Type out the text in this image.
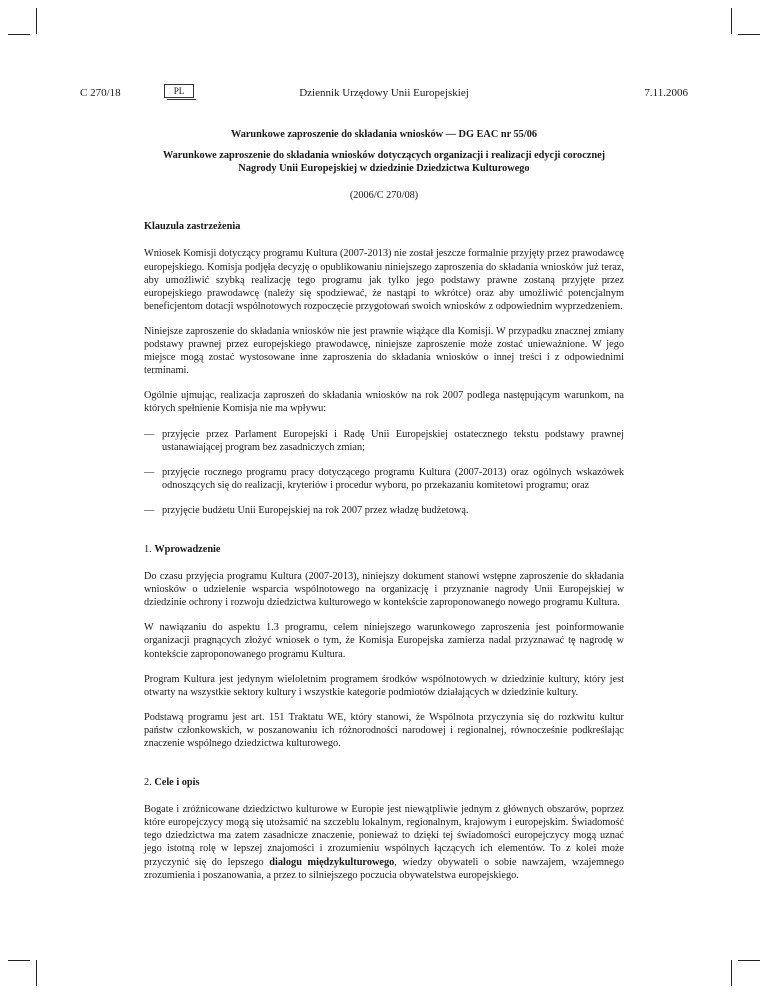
C 270/18	PL	Dziennik Urzędowy Unii Europejskiej	7.11.2006
Warunkowe zaproszenie do składania wniosków — DG EAC nr 55/06
Warunkowe zaproszenie do składania wniosków dotyczących organizacji i realizacji edycji corocznej Nagrody Unii Europejskiej w dziedzinie Dziedzictwa Kulturowego
(2006/C 270/08)
Klauzula zastrzeżenia

Wniosek Komisji dotyczący programu Kultura (2007-2013) nie został jeszcze formalnie przyjęty przez prawodawcę europejskiego. Komisja podjęła decyzję o opublikowaniu niniejszego zaproszenia do składania wniosków już teraz, aby umożliwić szybką realizację tego programu jak tylko jego podstawy prawne zostaną przyjęte przez europejskiego prawodawcę (należy się spodziewać, że nastąpi to wkrótce) oraz aby umożliwić potencjalnym beneficjentom dotacji wspólnotowych rozpoczęcie przygotowań swoich wniosków z odpowiednim wyprzedzeniem.

Niniejsze zaproszenie do składania wniosków nie jest prawnie wiążące dla Komisji. W przypadku znacznej zmiany podstawy prawnej przez europejskiego prawodawcę, niniejsze zaproszenie może zostać unieważnione. W jego miejsce mogą zostać wystosowane inne zaproszenia do składania wniosków o innej treści i z odpowiednimi terminami.

Ogólnie ujmując, realizacja zaproszeń do składania wniosków na rok 2007 podlega następującym warunkom, na których spełnienie Komisja nie ma wpływu:

— przyjęcie przez Parlament Europejski i Radę Unii Europejskiej ostatecznego tekstu podstawy prawnej ustanawiającej program bez zasadniczych zmian;
— przyjęcie rocznego programu pracy dotyczącego programu Kultura (2007-2013) oraz ogólnych wskazówek odnoszących się do realizacji, kryteriów i procedur wyboru, po przekazaniu komitetowi programu; oraz
— przyjęcie budżetu Unii Europejskiej na rok 2007 przez władzę budżetową.
1. Wprowadzenie

Do czasu przyjęcia programu Kultura (2007-2013), niniejszy dokument stanowi wstępne zaproszenie do składania wniosków o udzielenie wsparcia wspólnotowego na organizację i przyznanie nagrody Unii Europejskiej w dziedzinie ochrony i rozwoju dziedzictwa kulturowego w kontekście zaproponowanego nowego programu Kultura.

W nawiązaniu do aspektu 1.3 programu, celem niniejszego warunkowego zaproszenia jest poinformowanie organizacji pragnących złożyć wniosek o tym, że Komisja Europejska zamierza nadal przyznawać tę nagrodę w kontekście zaproponowanego programu Kultura.

Program Kultura jest jedynym wieloletnim programem środków wspólnotowych w dziedzinie kultury, który jest otwarty na wszystkie sektory kultury i wszystkie kategorie podmiotów działających w dziedzinie kultury.

Podstawą programu jest art. 151 Traktatu WE, który stanowi, że Wspólnota przyczynia się do rozkwitu kultur państw członkowskich, w poszanowaniu ich różnorodności narodowej i regionalnej, równocześnie podkreślając znaczenie wspólnego dziedzictwa kulturowego.

2. Cele i opis

Bogate i zróżnicowane dziedzictwo kulturowe w Europie jest niewątpliwie jednym z głównych obszarów, poprzez które europejczycy mogą się utożsamić na szczeblu lokalnym, regionalnym, krajowym i europejskim. Świadomość tego dziedzictwa ma zatem zasadnicze znaczenie, ponieważ to dzięki tej świadomości europejczycy mogą uznać jego istotną rolę w lepszej znajomości i zrozumieniu wspólnych łączących ich elementów. To z kolei może przyczynić się do lepszego dialogu międzykulturowego, wiedzy obywateli o sobie nawzajem, wzajemnego zrozumienia i poszanowania, a przez to silniejszego poczucia obywatelstwa europejskiego.
